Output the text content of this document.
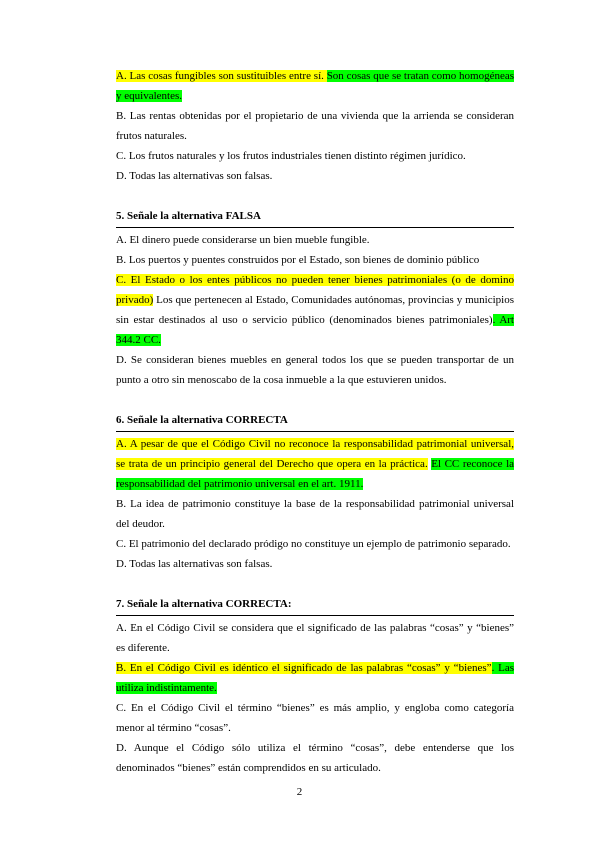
A. Las cosas fungibles son sustituibles entre sí. Son cosas que se tratan como homogéneas y equivalentes.

B. Las rentas obtenidas por el propietario de una vivienda que la arrienda se consideran frutos naturales.

C. Los frutos naturales y los frutos industriales tienen distinto régimen jurídico.

D. Todas las alternativas son falsas.

5. Señale la alternativa FALSA

A. El dinero puede considerarse un bien mueble fungible.

B. Los puertos y puentes construidos por el Estado, son bienes de dominio público

C. El Estado o los entes públicos no pueden tener bienes patrimoniales (o de domino privado) Los que pertenecen al Estado, Comunidades autónomas, provincias y municipios sin estar destinados al uso o servicio público (denominados bienes patrimoniales). Art 344.2 CC.

D. Se consideran bienes muebles en general todos los que se pueden transportar de un punto a otro sin menoscabo de la cosa inmueble a la que estuvieren unidos.

6. Señale la alternativa CORRECTA

A. A pesar de que el Código Civil no reconoce la responsabilidad patrimonial universal, se trata de un principio general del Derecho que opera en la práctica. El CC reconoce la responsabilidad del patrimonio universal en el art. 1911.

B. La idea de patrimonio constituye la base de la responsabilidad patrimonial universal del deudor.

C. El patrimonio del declarado pródigo no constituye un ejemplo de patrimonio separado.

D. Todas las alternativas son falsas.

7. Señale la alternativa CORRECTA:

A. En el Código Civil se considera que el significado de las palabras “cosas” y “bienes” es diferente.

B. En el Código Civil es idéntico el significado de las palabras “cosas” y “bienes”. Las utiliza indistintamente.

C. En el Código Civil el término “bienes” es más amplio, y engloba como categoría menor al término “cosas”.

D. Aunque el Código sólo utiliza el término “cosas”, debe entenderse que los denominados “bienes” están comprendidos en su articulado.

2
